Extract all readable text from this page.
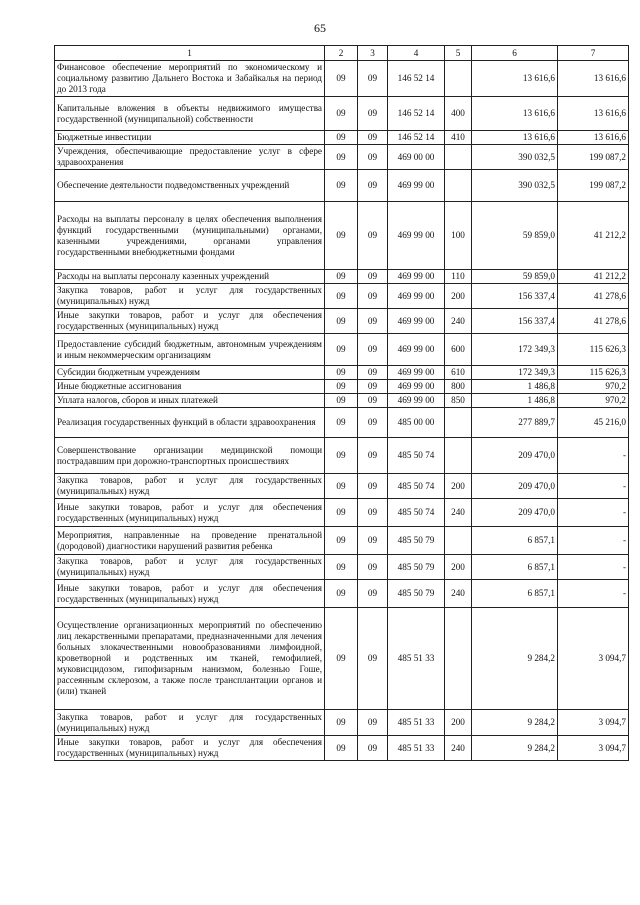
65
1	2	3	4	5	6	7
Финансовое обеспечение мероприятий по экономическому и социальному развитию Дальнего Востока и Забайкалья на период до 2013 года	09	09	146 52 14		13 616,6	13 616,6
Капитальные вложения в объекты недвижимого имущества государственной (муниципальной) собственности	09	09	146 52 14	400	13 616,6	13 616,6
Бюджетные инвестиции	09	09	146 52 14	410	13 616,6	13 616,6
Учреждения, обеспечивающие предоставление услуг в сфере здравоохранения	09	09	469 00 00		390 032,5	199 087,2
Обеспечение деятельности подведомственных учреждений	09	09	469 99 00		390 032,5	199 087,2
Расходы на выплаты персоналу в целях обеспечения выполнения функций государственными (муниципальными) органами, казенными учреждениями, органами управления государственными внебюджетными фондами	09	09	469 99 00	100	59 859,0	41 212,2
Расходы на выплаты персоналу казенных учреждений	09	09	469 99 00	110	59 859,0	41 212,2
Закупка товаров, работ и услуг для государственных (муниципальных) нужд	09	09	469 99 00	200	156 337,4	41 278,6
Иные закупки товаров, работ и услуг для обеспечения государственных (муниципальных) нужд	09	09	469 99 00	240	156 337,4	41 278,6
Предоставление субсидий бюджетным, автономным учреждениям и иным некоммерческим организациям	09	09	469 99 00	600	172 349,3	115 626,3
Субсидии бюджетным учреждениям	09	09	469 99 00	610	172 349,3	115 626,3
Иные бюджетные ассигнования	09	09	469 99 00	800	1 486,8	970,2
Уплата налогов, сборов и иных платежей	09	09	469 99 00	850	1 486,8	970,2
Реализация государственных функций в области здравоохранения	09	09	485 00 00		277 889,7	45 216,0
Совершенствование организации медицинской помощи пострадавшим при дорожно-транспортных происшествиях	09	09	485 50 74		209 470,0	-
Закупка товаров, работ и услуг для государственных (муниципальных) нужд	09	09	485 50 74	200	209 470,0	-
Иные закупки товаров, работ и услуг для обеспечения государственных (муниципальных) нужд	09	09	485 50 74	240	209 470,0	-
Мероприятия, направленные на проведение пренатальной (дородовой) диагностики нарушений развития ребенка	09	09	485 50 79		6 857,1	-
Закупка товаров, работ и услуг для государственных (муниципальных) нужд	09	09	485 50 79	200	6 857,1	-
Иные закупки товаров, работ и услуг для обеспечения государственных (муниципальных) нужд	09	09	485 50 79	240	6 857,1	-
Осуществление организационных мероприятий по обеспечению лиц лекарственными препаратами, предназначенными для лечения больных злокачественными новообразованиями лимфоидной, кроветворной и родственных им тканей, гемофилией, муковисцидозом, гипофизарным нанизмом, болезнью Гоше, рассеянным склерозом, а также после трансплантации органов и (или) тканей	09	09	485 51 33		9 284,2	3 094,7
Закупка товаров, работ и услуг для государственных (муниципальных) нужд	09	09	485 51 33	200	9 284,2	3 094,7
Иные закупки товаров, работ и услуг для обеспечения государственных (муниципальных) нужд	09	09	485 51 33	240	9 284,2	3 094,7
